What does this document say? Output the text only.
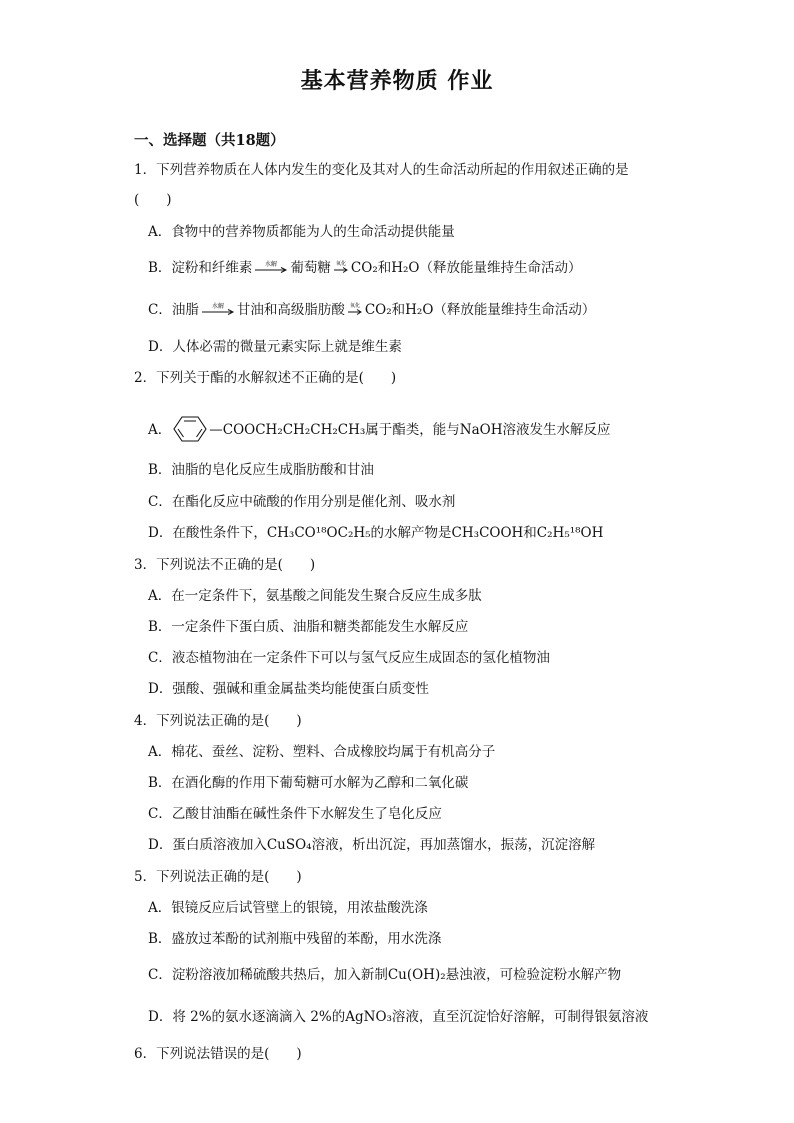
基本营养物质 作业
一、选择题（共18题）
1．下列营养物质在人体内发生的变化及其对人的生命活动所起的作用叙述正确的是
(　　)
A．食物中的营养物质都能为人的生命活动提供能量
B．淀粉和纤维素 水解 葡萄糖 氧化 CO₂和H₂O（释放能量维持生命活动）
C．油脂 水解 甘油和高级脂肪酸 氧化 CO₂和H₂O（释放能量维持生命活动）
D．人体必需的微量元素实际上就是维生素
2．下列关于酯的水解叙述不正确的是(　　)
A．	—COOCH₂CH₂CH₂CH₃属于酯类，能与NaOH溶液发生水解反应
B．油脂的皂化反应生成脂肪酸和甘油
C．在酯化反应中硫酸的作用分别是催化剂、吸水剂
D．在酸性条件下，CH₃CO¹⁸OC₂H₅的水解产物是CH₃COOH和C₂H₅¹⁸OH
3．下列说法不正确的是(　　)
A．在一定条件下，氨基酸之间能发生聚合反应生成多肽
B．一定条件下蛋白质、油脂和糖类都能发生水解反应
C．液态植物油在一定条件下可以与氢气反应生成固态的氢化植物油
D．强酸、强碱和重金属盐类均能使蛋白质变性
4．下列说法正确的是(　　)
A．棉花、蚕丝、淀粉、塑料、合成橡胶均属于有机高分子
B．在酒化酶的作用下葡萄糖可水解为乙醇和二氧化碳
C．乙酸甘油酯在碱性条件下水解发生了皂化反应
D．蛋白质溶液加入CuSO₄溶液，析出沉淀，再加蒸馏水，振荡，沉淀溶解
5．下列说法正确的是(　　)
A．银镜反应后试管壁上的银镜，用浓盐酸洗涤
B．盛放过苯酚的试剂瓶中残留的苯酚，用水洗涤
C．淀粉溶液加稀硫酸共热后，加入新制Cu(OH)₂悬浊液，可检验淀粉水解产物
D．将 2%的氨水逐滴滴入 2%的AgNO₃溶液，直至沉淀恰好溶解，可制得银氨溶液
6．下列说法错误的是(　　)
